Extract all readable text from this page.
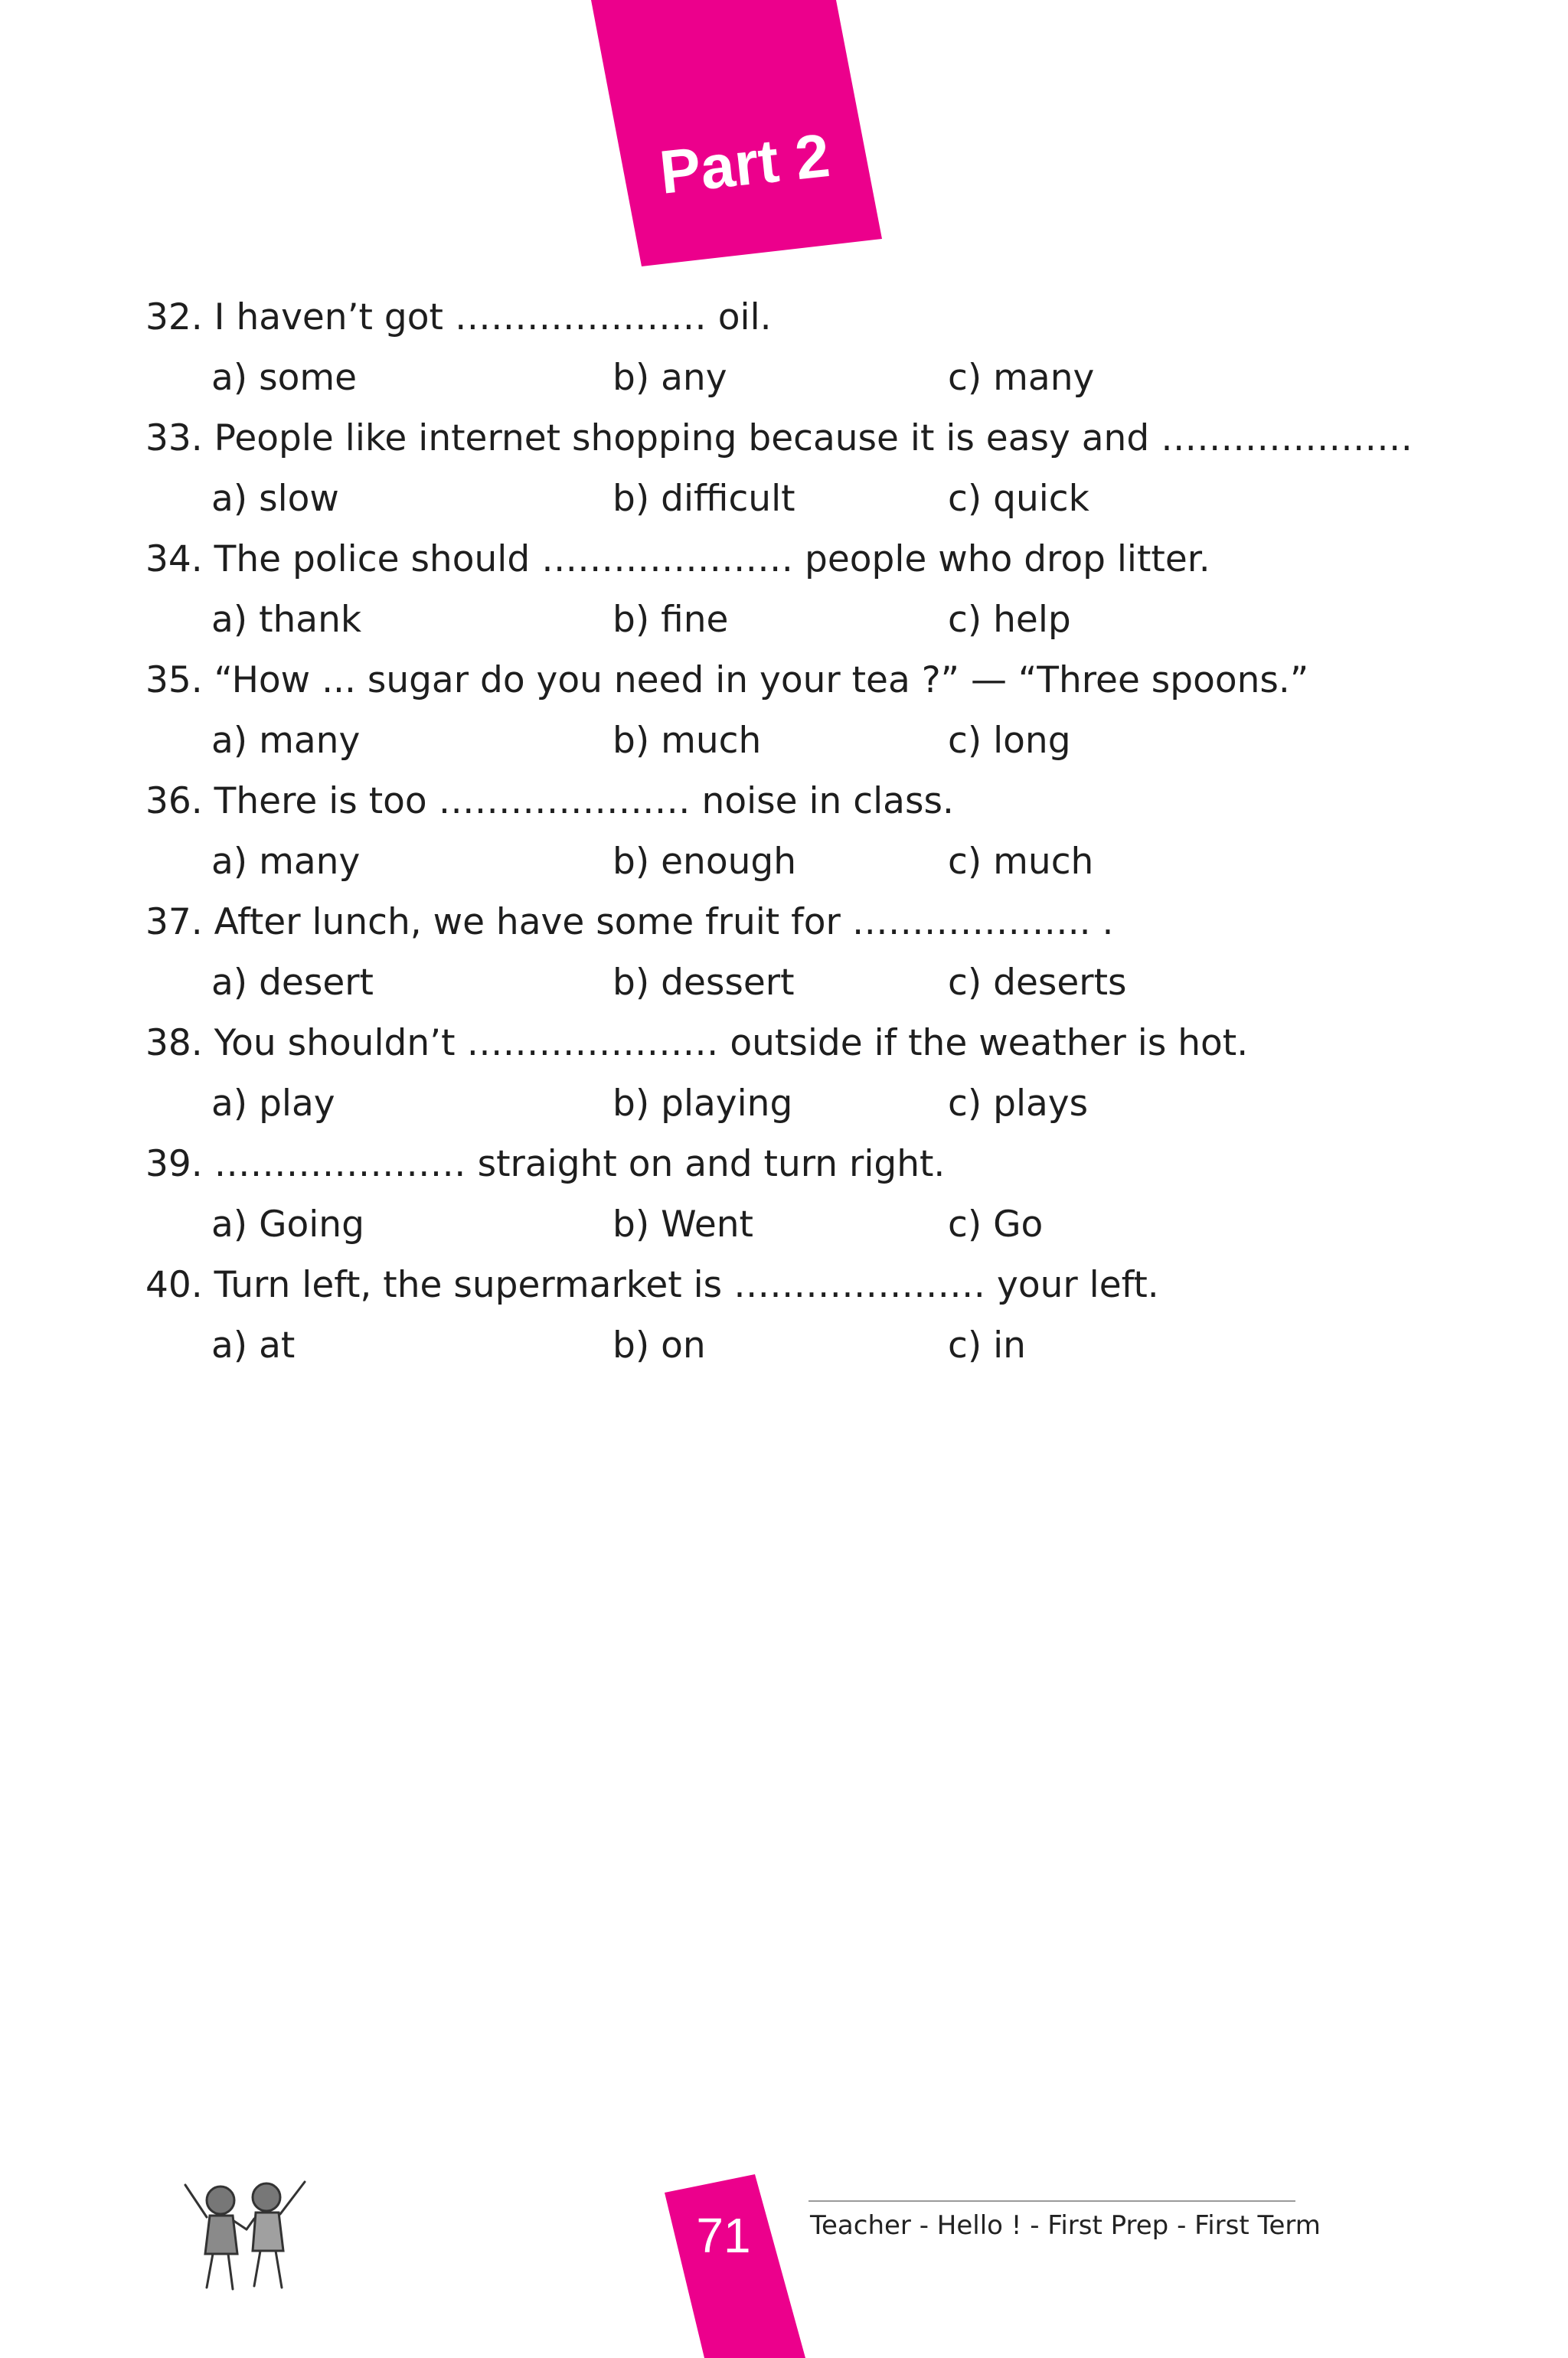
Part 2
32. I haven’t got ………………… oil.
a) some	b) any	c) many
33. People like internet shopping because it is easy and …………………
a) slow	b) difficult	c) quick
34. The police should ………………… people who drop litter.
a) thank	b) fine	c) help
35. “How ... sugar do you need in your tea ?” — “Three spoons.”
a) many	b) much	c) long
36. There is too ………………… noise in class.
a) many	b) enough	c) much
37. After lunch, we have some fruit for ……………….. .
a) desert	b) dessert	c) deserts
38. You shouldn’t ………………… outside if the weather is hot.
a) play	b) playing	c) plays
39. ………………… straight on and turn right.
a) Going	b) Went	c) Go
40. Turn left, the supermarket is ………………… your left.
a) at	b) on	c) in
71	Teacher - Hello ! - First Prep - First Term
